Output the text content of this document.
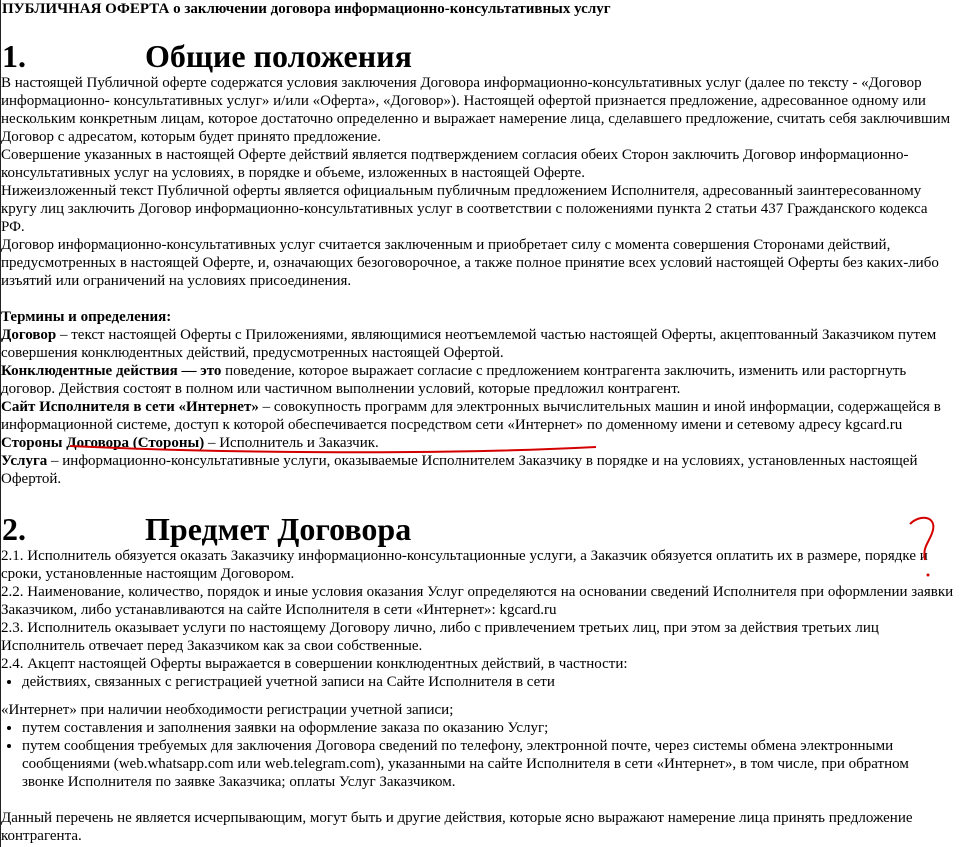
ПУБЛИЧНАЯ ОФЕРТА о заключении договора информационно-консультативных услуг

1.	Общие положения

В настоящей Публичной оферте содержатся условия заключения Договора информационно-консультативных услуг (далее по тексту - «Договор информационно- консультативных услуг» и/или «Оферта», «Договор»). Настоящей офертой признается предложение, адресованное одному или нескольким конкретным лицам, которое достаточно определенно и выражает намерение лица, сделавшего предложение, считать себя заключившим Договор с адресатом, которым будет принято предложение.

Совершение указанных в настоящей Оферте действий является подтверждением согласия обеих Сторон заключить Договор информационно-консультативных услуг на условиях, в порядке и объеме, изложенных в настоящей Оферте.

Нижеизложенный текст Публичной оферты является официальным публичным предложением Исполнителя, адресованный заинтересованному кругу лиц заключить Договор информационно-консультативных услуг в соответствии с положениями пункта 2 статьи 437 Гражданского кодекса РФ.

Договор информационно-консультативных услуг считается заключенным и приобретает силу с момента совершения Сторонами действий, предусмотренных в настоящей Оферте, и, означающих безоговорочное, а также полное принятие всех условий настоящей Оферты без каких-либо изъятий или ограничений на условиях присоединения.

Термины и определения:

Договор – текст настоящей Оферты с Приложениями, являющимися неотъемлемой частью настоящей Оферты, акцептованный Заказчиком путем совершения конклюдентных действий, предусмотренных настоящей Офертой.

Конклюдентные действия — это поведение, которое выражает согласие с предложением контрагента заключить, изменить или расторгнуть договор. Действия состоят в полном или частичном выполнении условий, которые предложил контрагент.

Сайт Исполнителя в сети «Интернет» – совокупность программ для электронных вычислительных машин и иной информации, содержащейся в информационной системе, доступ к которой обеспечивается посредством сети «Интернет» по доменному имени и сетевому адресу kgcard.ru Стороны Договора (Стороны) – Исполнитель и Заказчик.

Услуга – информационно-консультативные услуги, оказываемые Исполнителем Заказчику в порядке и на условиях, установленных настоящей Офертой.

2.	Предмет Договора

2.1. Исполнитель обязуется оказать Заказчику информационно-консультационные услуги, а Заказчик обязуется оплатить их в размере, порядке и сроки, установленные настоящим Договором.

2.2. Наименование, количество, порядок и иные условия оказания Услуг определяются на основании сведений Исполнителя при оформлении заявки Заказчиком, либо устанавливаются на сайте Исполнителя в сети «Интернет»: kgcard.ru

2.3. Исполнитель оказывает услуги по настоящему Договору лично, либо с привлечением третьих лиц, при этом за действия третьих лиц Исполнитель отвечает перед Заказчиком как за свои собственные.

2.4. Акцепт настоящей Оферты выражается в совершении конклюдентных действий, в частности:

• действиях, связанных с регистрацией учетной записи на Сайте Исполнителя в сети

«Интернет» при наличии необходимости регистрации учетной записи;

• путем составления и заполнения заявки на оформление заказа по оказанию Услуг;
• путем сообщения требуемых для заключения Договора сведений по телефону, электронной почте, через системы обмена электронными сообщениями (web.whatsapp.com или web.telegram.com), указанными на сайте Исполнителя в сети «Интернет», в том числе, при обратном звонке Исполнителя по заявке Заказчика; оплаты Услуг Заказчиком.

Данный перечень не является исчерпывающим, могут быть и другие действия, которые ясно выражают намерение лица принять предложение контрагента.
